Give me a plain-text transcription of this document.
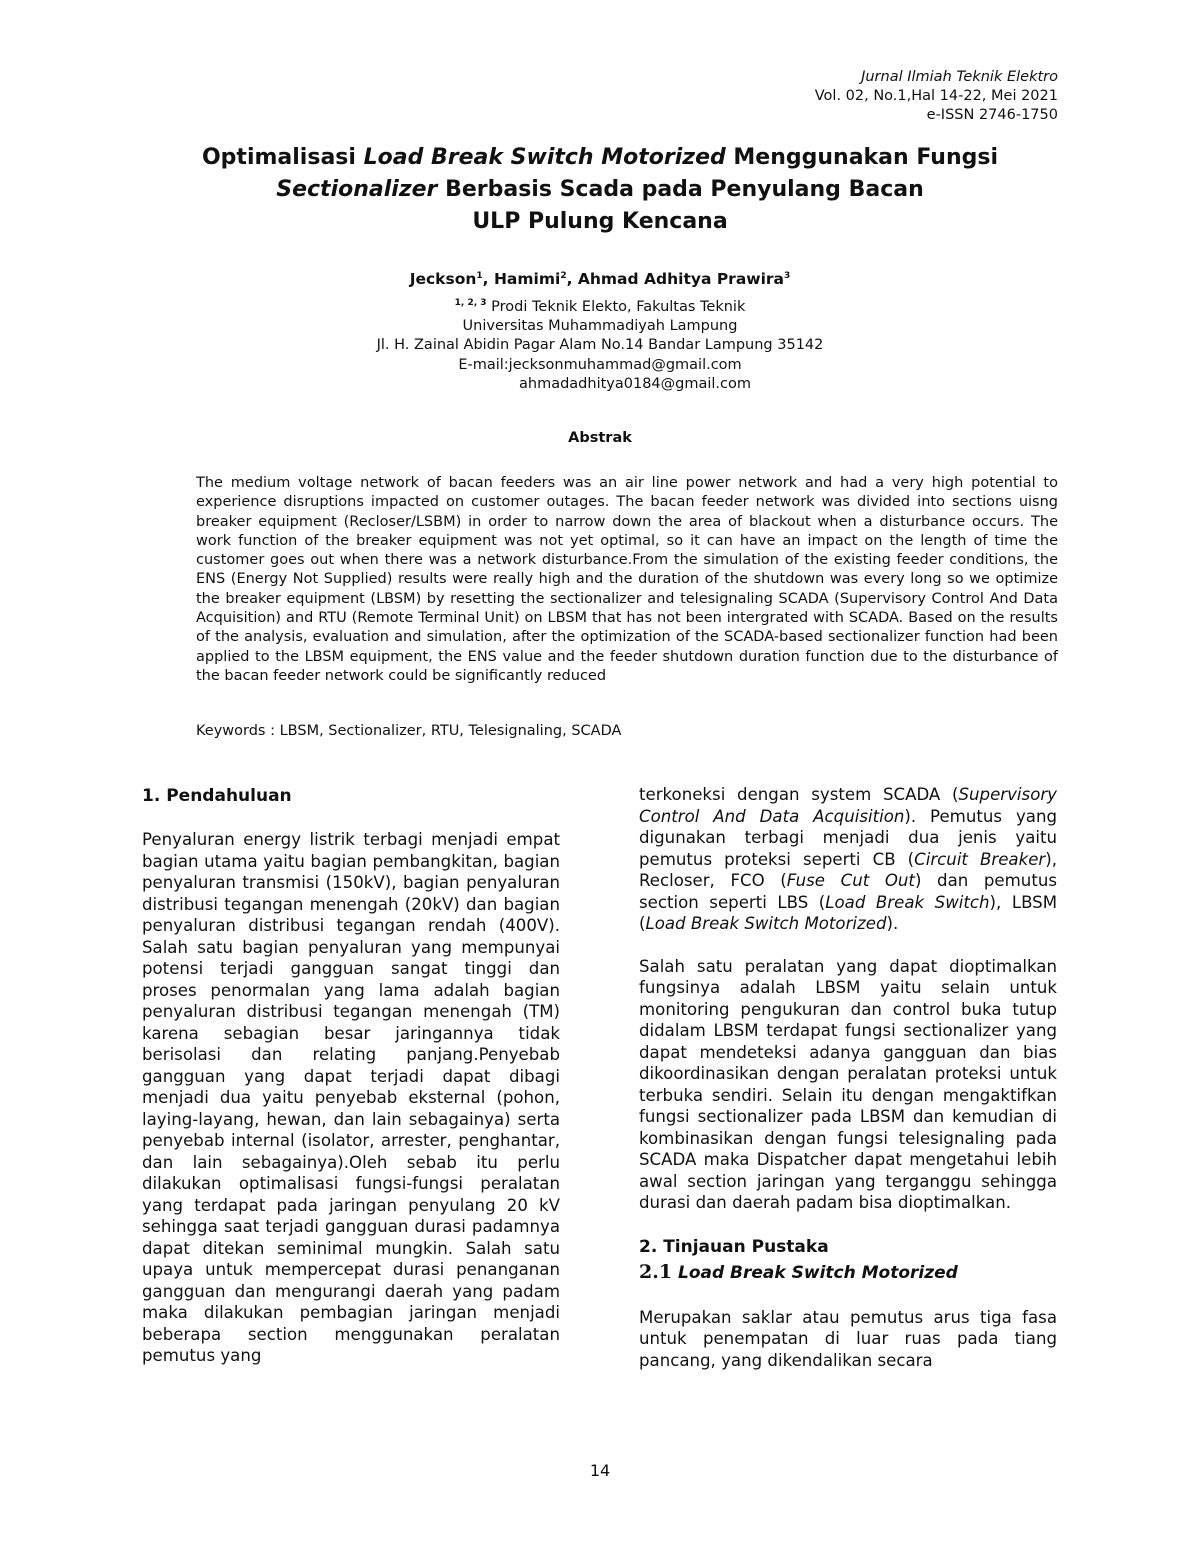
Jurnal Ilmiah Teknik Elektro
Vol. 02, No.1,Hal 14-22, Mei 2021
e-ISSN 2746-1750
Optimalisasi Load Break Switch Motorized Menggunakan Fungsi
Sectionalizer Berbasis Scada pada Penyulang Bacan
ULP Pulung Kencana
Jeckson$^1$, Hamimi$^2$, Ahmad Adhitya Prawira$^3$
$^{1, 2, 3}$ Prodi Teknik Elekto, Fakultas Teknik
Universitas Muhammadiyah Lampung
Jl. H. Zainal Abidin Pagar Alam No.14 Bandar Lampung 35142
E-mail:jecksonmuhammad@gmail.com
ahmadadhitya0184@gmail.com
Abstrak
The medium voltage network of bacan feeders was an air line power network and had a very high potential to experience disruptions impacted on customer outages. The bacan feeder network was divided into sections uisng breaker equipment (Recloser/LSBM) in order to narrow down the area of blackout when a disturbance occurs. The work function of the breaker equipment was not yet optimal, so it can have an impact on the length of time the customer goes out when there was a network disturbance.From the simulation of the existing feeder conditions, the ENS (Energy Not Supplied) results were really high and the duration of the shutdown was every long so we optimize the breaker equipment (LBSM) by resetting the sectionalizer and telesignaling SCADA (Supervisory Control And Data Acquisition) and RTU (Remote Terminal Unit) on LBSM that has not been intergrated with SCADA. Based on the results of the analysis, evaluation and simulation, after the optimization of the SCADA-based sectionalizer function had been applied to the LBSM equipment, the ENS value and the feeder shutdown duration function due to the disturbance of the bacan feeder network could be significantly reduced
Keywords : LBSM, Sectionalizer, RTU, Telesignaling, SCADA
1. Pendahuluan

Penyaluran energy listrik terbagi menjadi empat bagian utama yaitu bagian pembangkitan, bagian penyaluran transmisi (150kV), bagian penyaluran distribusi tegangan menengah (20kV) dan bagian penyaluran distribusi tegangan rendah (400V). Salah satu bagian penyaluran yang mempunyai potensi terjadi gangguan sangat tinggi dan proses penormalan yang lama adalah bagian penyaluran distribusi tegangan menengah (TM) karena sebagian besar jaringannya tidak berisolasi dan relating panjang.Penyebab gangguan yang dapat terjadi dapat dibagi menjadi dua yaitu penyebab eksternal (pohon, laying-layang, hewan, dan lain sebagainya) serta penyebab internal (isolator, arrester, penghantar, dan lain sebagainya).Oleh sebab itu perlu dilakukan optimalisasi fungsi-fungsi peralatan yang terdapat pada jaringan penyulang 20 kV sehingga saat terjadi gangguan durasi padamnya dapat ditekan seminimal mungkin. Salah satu upaya untuk mempercepat durasi penanganan gangguan dan mengurangi daerah yang padam maka dilakukan pembagian jaringan menjadi beberapa section menggunakan peralatan pemutus yang

terkoneksi dengan system SCADA (Supervisory Control And Data Acquisition). Pemutus yang digunakan terbagi menjadi dua jenis yaitu pemutus proteksi seperti CB (Circuit Breaker), Recloser, FCO (Fuse Cut Out) dan pemutus section seperti LBS (Load Break Switch), LBSM (Load Break Switch Motorized).

Salah satu peralatan yang dapat dioptimalkan fungsinya adalah LBSM yaitu selain untuk monitoring pengukuran dan control buka tutup didalam LBSM terdapat fungsi sectionalizer yang dapat mendeteksi adanya gangguan dan bias dikoordinasikan dengan peralatan proteksi untuk terbuka sendiri. Selain itu dengan mengaktifkan fungsi sectionalizer pada LBSM dan kemudian di kombinasikan dengan fungsi telesignaling pada SCADA maka Dispatcher dapat mengetahui lebih awal section jaringan yang terganggu sehingga durasi dan daerah padam bisa dioptimalkan.

2. Tinjauan Pustaka
2.1 Load Break Switch Motorized

Merupakan saklar atau pemutus arus tiga fasa untuk penempatan di luar ruas pada tiang pancang, yang dikendalikan secara

14
